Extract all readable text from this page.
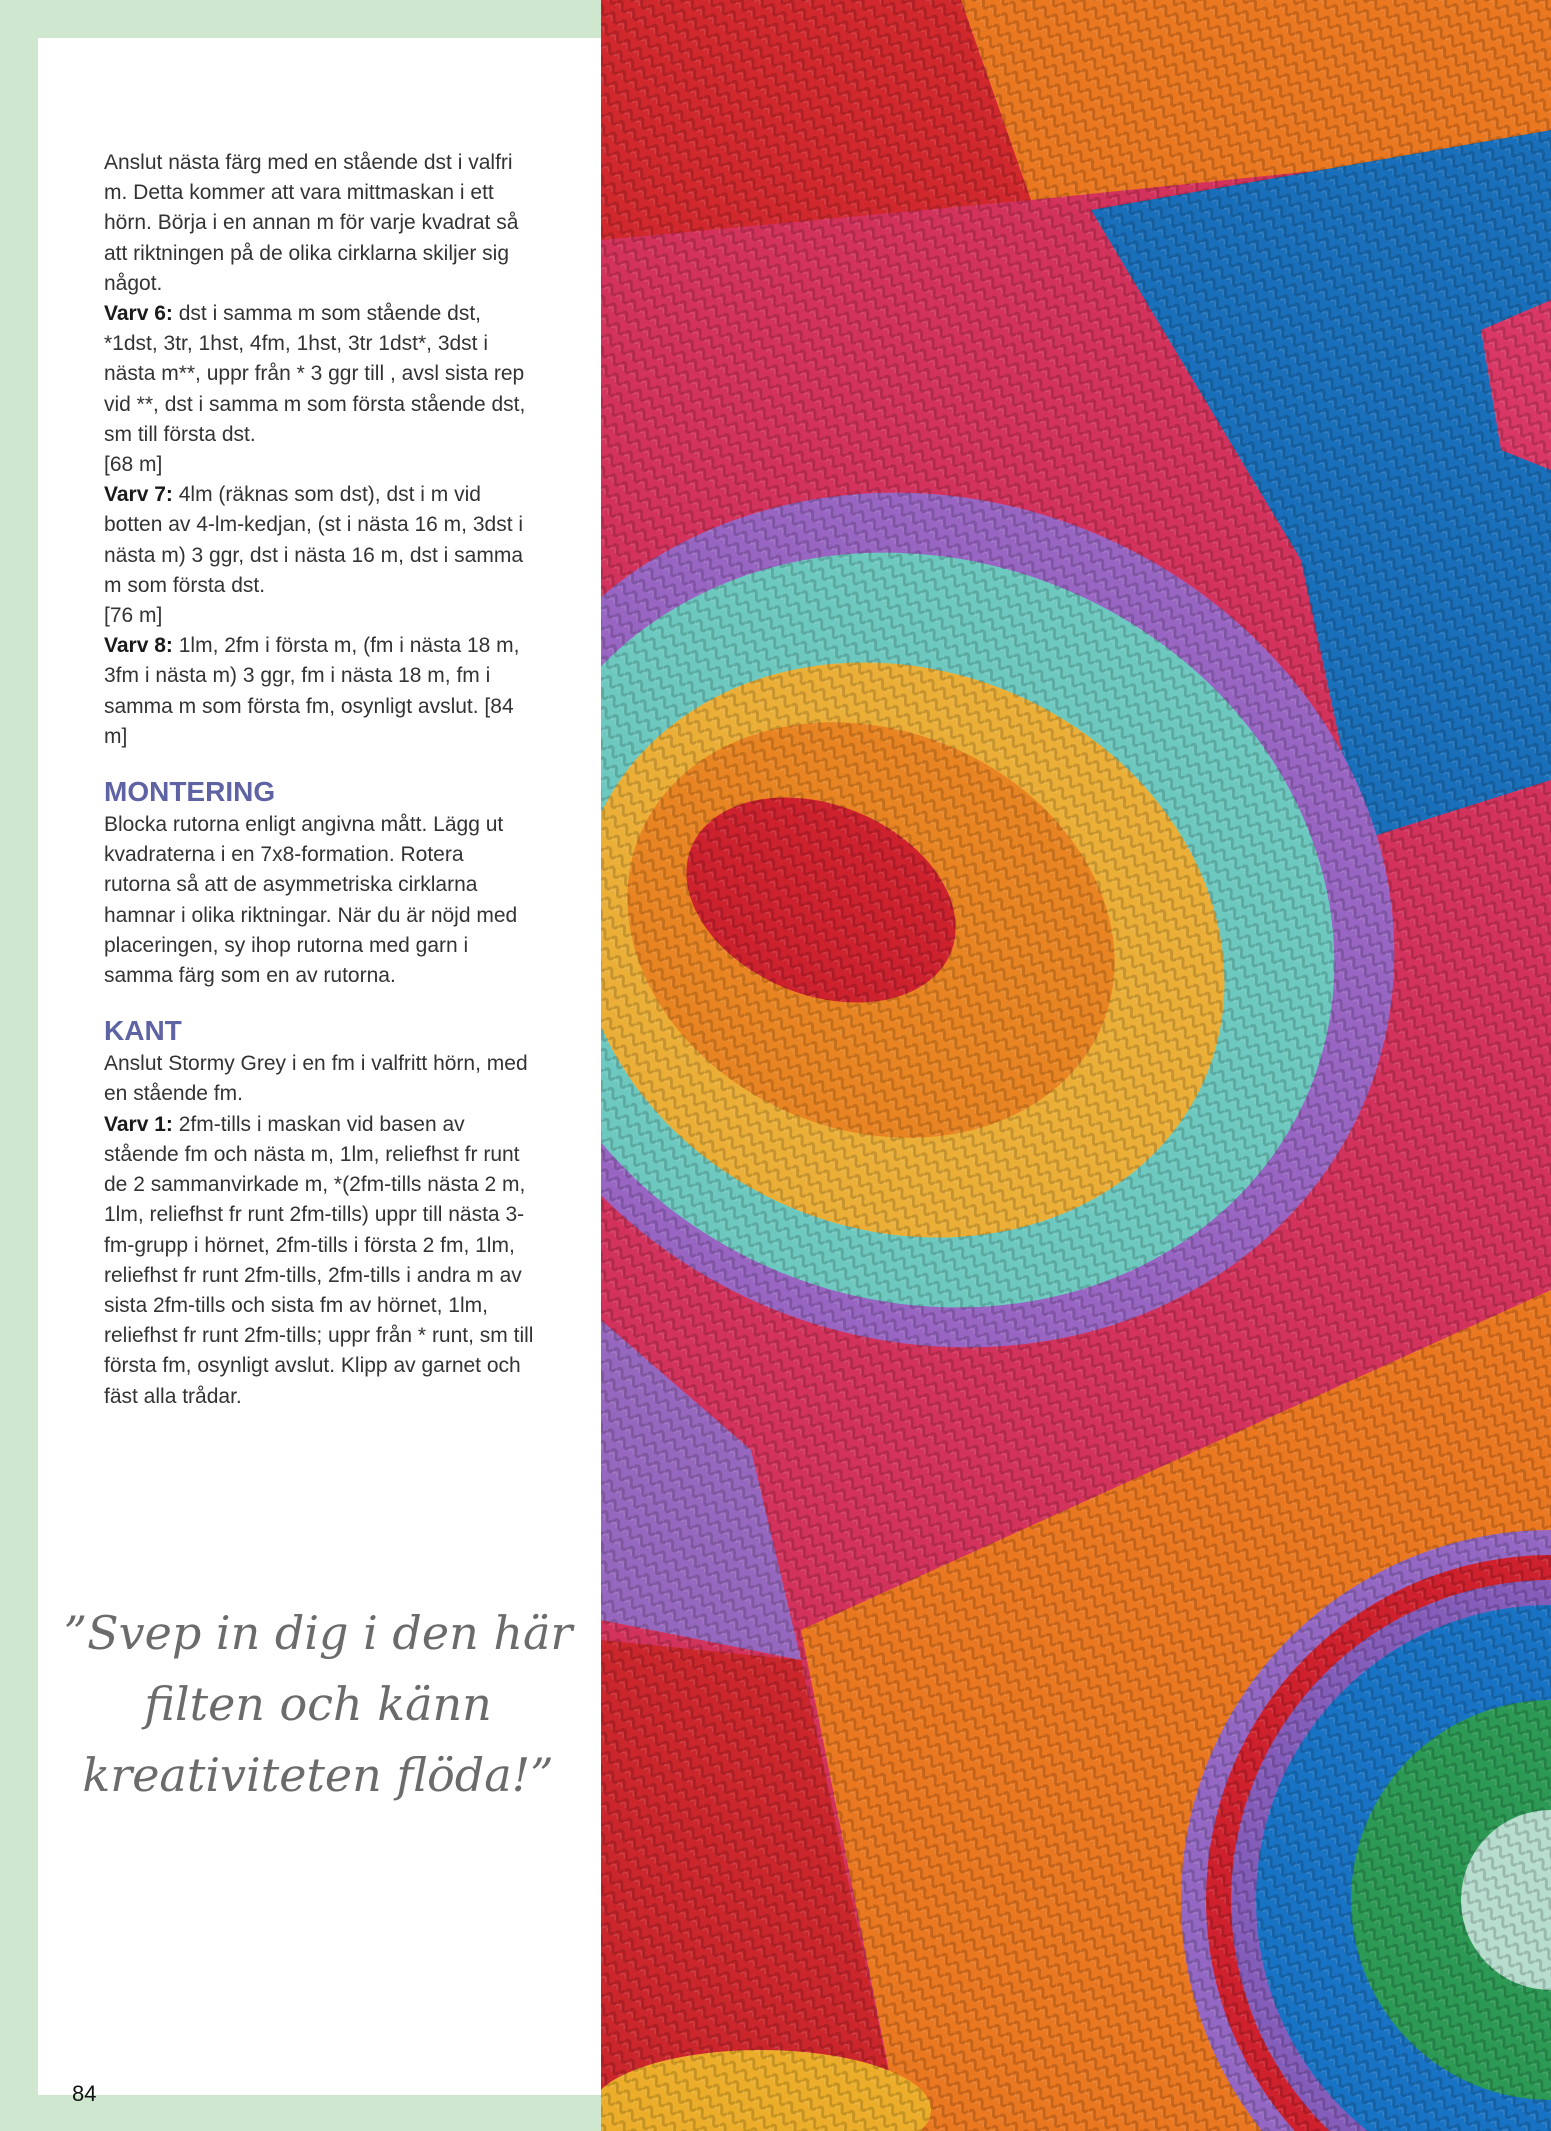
Anslut nästa färg med en stående dst i valfri m. Detta kommer att vara mittmaskan i ett hörn. Börja i en annan m för varje kvadrat så att riktningen på de olika cirklarna skiljer sig något.

Varv 6: dst i samma m som stående dst, *1dst, 3tr, 1hst, 4fm, 1hst, 3tr 1dst*, 3dst i nästa m**, uppr från * 3 ggr till , avsl sista rep vid **, dst i samma m som första stående dst, sm till första dst.

[68 m]

Varv 7: 4lm (räknas som dst), dst i m vid botten av 4-lm-kedjan, (st i nästa 16 m, 3dst i nästa m) 3 ggr, dst i nästa 16 m, dst i samma m som första dst.

[76 m]

Varv 8: 1lm, 2fm i första m, (fm i nästa 18 m, 3fm i nästa m) 3 ggr, fm i nästa 18 m, fm i samma m som första fm, osynligt avslut. [84 m]

MONTERING

Blocka rutorna enligt angivna mått. Lägg ut kvadraterna i en 7x8-formation. Rotera rutorna så att de asymmetriska cirklarna hamnar i olika riktningar. När du är nöjd med placeringen, sy ihop rutorna med garn i samma färg som en av rutorna.

KANT

Anslut Stormy Grey i en fm i valfritt hörn, med en stående fm.

Varv 1: 2fm-tills i maskan vid basen av stående fm och nästa m, 1lm, reliefhst fr runt de 2 sammanvirkade m, *(2fm-tills nästa 2 m, 1lm, reliefhst fr runt 2fm-tills) uppr till nästa 3-fm-grupp i hörnet, 2fm-tills i första 2 fm, 1lm, reliefhst fr runt 2fm-tills, 2fm-tills i andra m av sista 2fm-tills och sista fm av hörnet, 1lm, reliefhst fr runt 2fm-tills; uppr från * runt, sm till första fm, osynligt avslut. Klipp av garnet och fäst alla trådar.

”Svep in dig i den här filten och känn kreativiteten flöda!”
84
